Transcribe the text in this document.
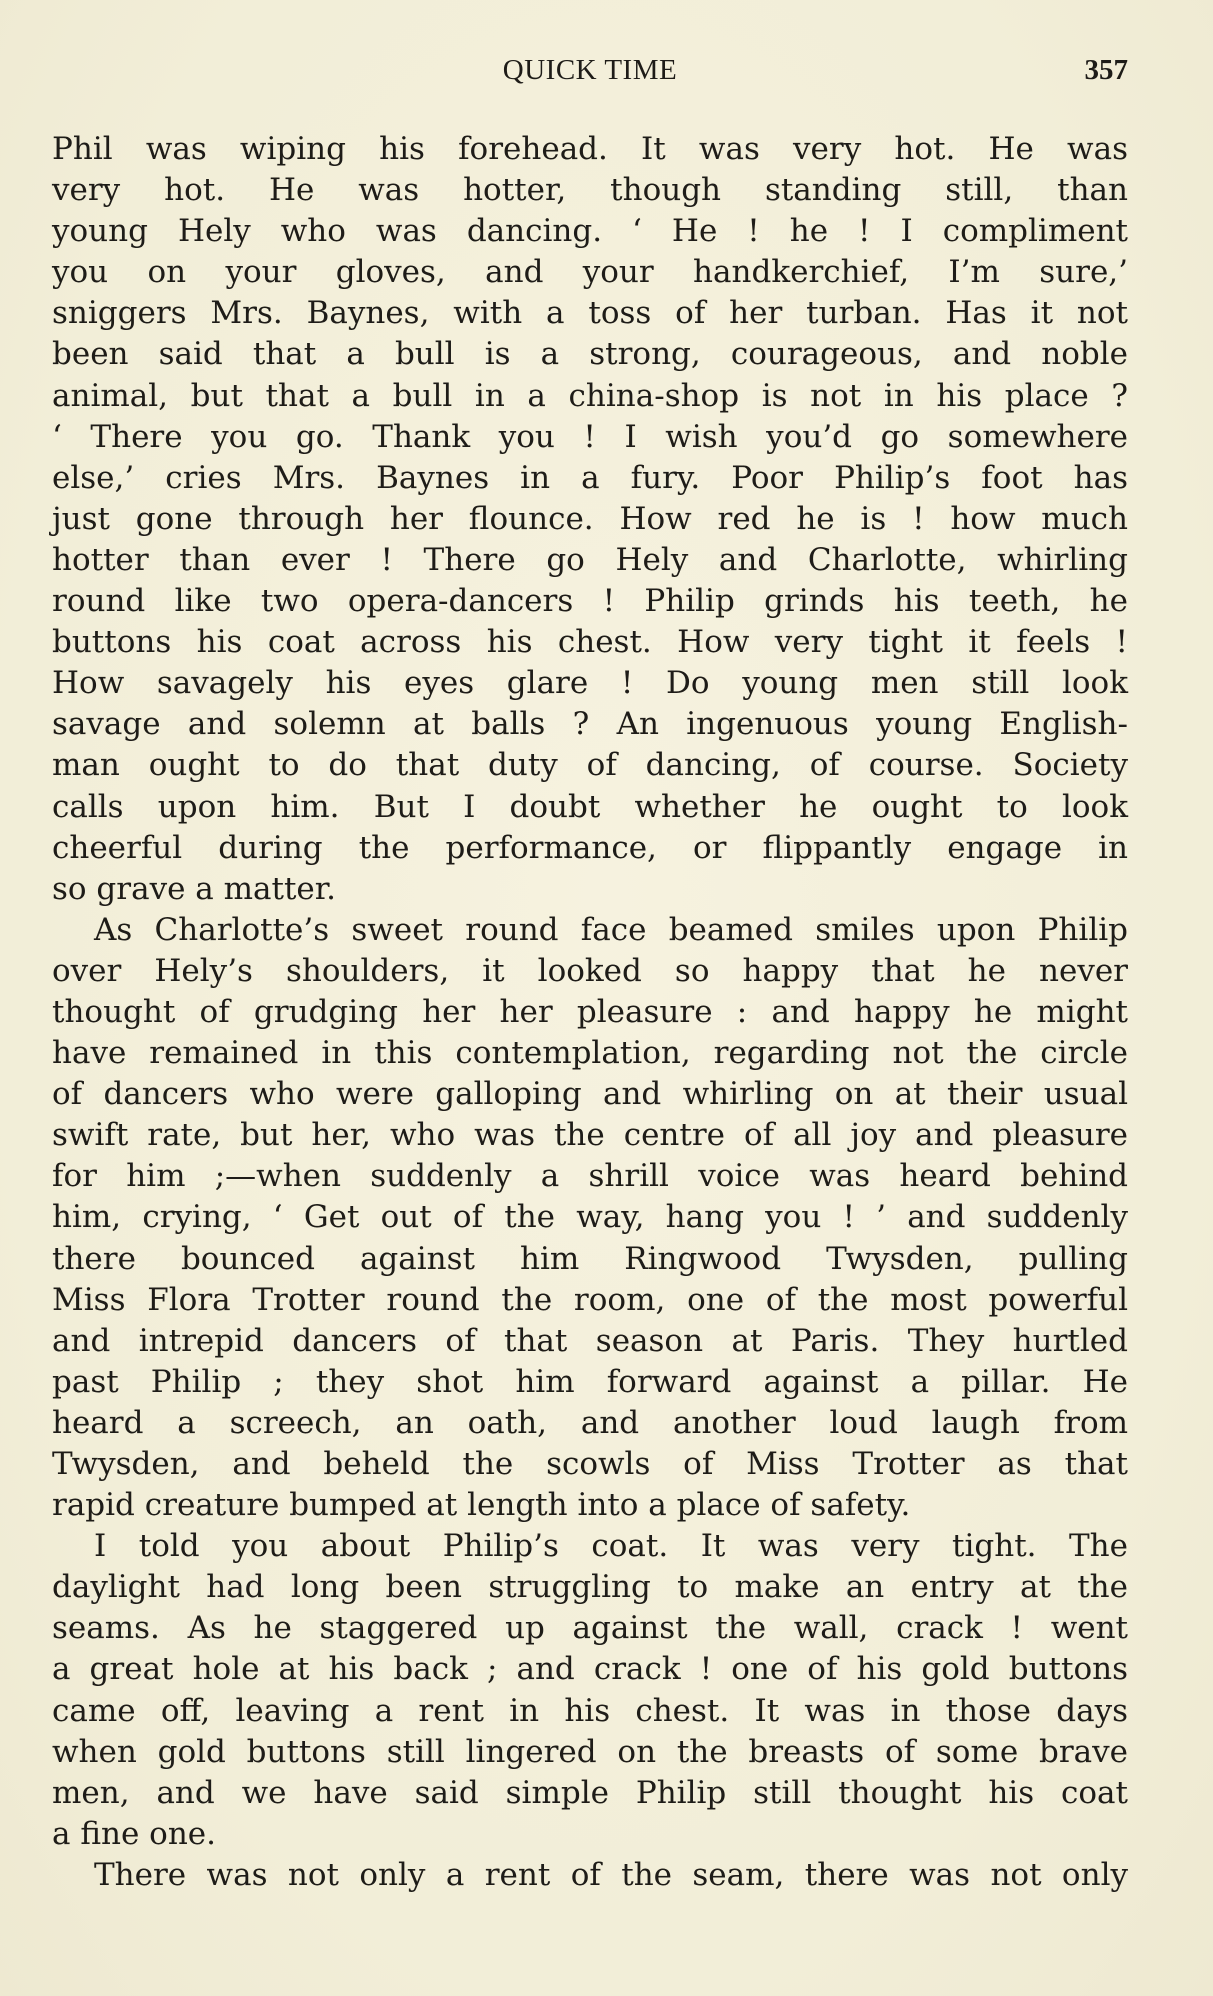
QUICK TIME	357
Phil was wiping his forehead. It was very hot. He was
very hot. He was hotter, though standing still, than
young Hely who was dancing. ‘ He ! he ! I compliment
you on your gloves, and your handkerchief, I’m sure,’
sniggers Mrs. Baynes, with a toss of her turban. Has it not
been said that a bull is a strong, courageous, and noble
animal, but that a bull in a china-shop is not in his place ?
‘ There you go. Thank you ! I wish you’d go somewhere
else,’ cries Mrs. Baynes in a fury. Poor Philip’s foot has
just gone through her flounce. How red he is ! how much
hotter than ever ! There go Hely and Charlotte, whirling
round like two opera-dancers ! Philip grinds his teeth, he
buttons his coat across his chest. How very tight it feels !
How savagely his eyes glare ! Do young men still look
savage and solemn at balls ? An ingenuous young English-
man ought to do that duty of dancing, of course. Society
calls upon him. But I doubt whether he ought to look
cheerful during the performance, or flippantly engage in
so grave a matter.
As Charlotte’s sweet round face beamed smiles upon Philip
over Hely’s shoulders, it looked so happy that he never
thought of grudging her her pleasure : and happy he might
have remained in this contemplation, regarding not the circle
of dancers who were galloping and whirling on at their usual
swift rate, but her, who was the centre of all joy and pleasure
for him ;—when suddenly a shrill voice was heard behind
him, crying, ‘ Get out of the way, hang you ! ’ and suddenly
there bounced against him Ringwood Twysden, pulling
Miss Flora Trotter round the room, one of the most powerful
and intrepid dancers of that season at Paris. They hurtled
past Philip ; they shot him forward against a pillar. He
heard a screech, an oath, and another loud laugh from
Twysden, and beheld the scowls of Miss Trotter as that
rapid creature bumped at length into a place of safety.
I told you about Philip’s coat. It was very tight. The
daylight had long been struggling to make an entry at the
seams. As he staggered up against the wall, crack ! went
a great hole at his back ; and crack ! one of his gold buttons
came off, leaving a rent in his chest. It was in those days
when gold buttons still lingered on the breasts of some brave
men, and we have said simple Philip still thought his coat
a fine one.
There was not only a rent of the seam, there was not only
